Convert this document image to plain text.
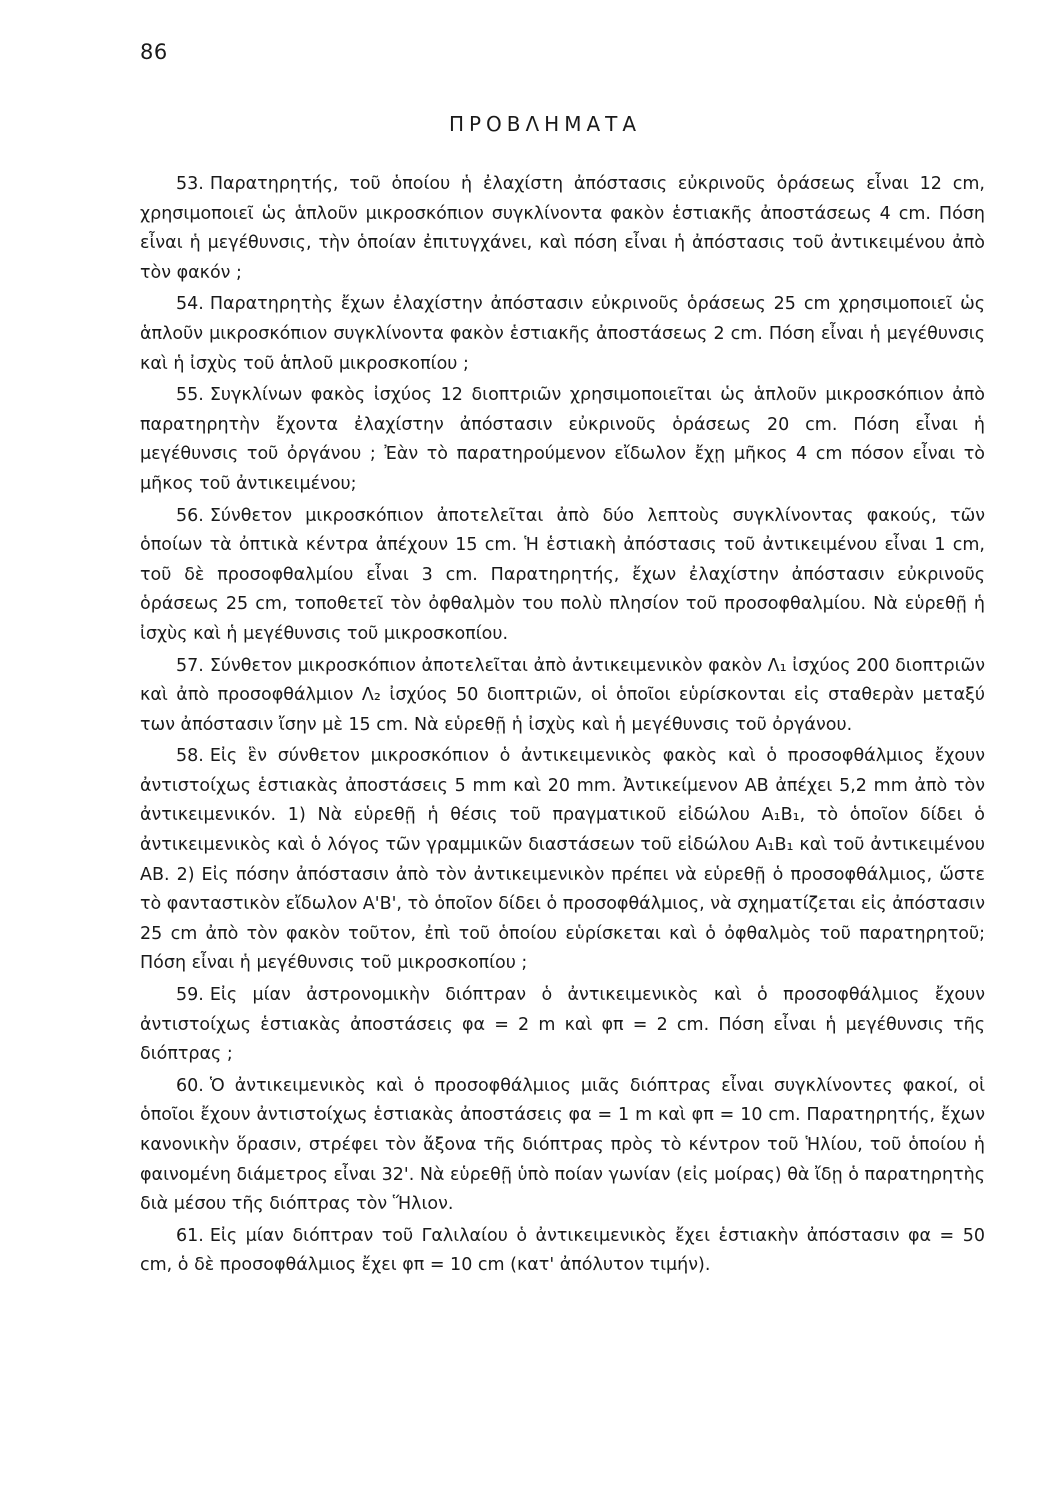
86
ΠΡΟΒΛΗΜΑΤΑ

53. Παρατηρητής, τοῦ ὁποίου ἡ ἐλαχίστη ἀπόστασις εὐκρινοῦς ὁράσεως εἶναι 12 cm, χρησιμοποιεῖ ὡς ἁπλοῦν μικροσκόπιον συγκλίνοντα φακὸν ἑστιακῆς ἀποστάσεως 4 cm. Πόση εἶναι ἡ μεγέθυνσις, τὴν ὁποίαν ἐπιτυγχάνει, καὶ πόση εἶναι ἡ ἀπόστασις τοῦ ἀντικειμένου ἀπὸ τὸν φακόν ;

54. Παρατηρητὴς ἔχων ἐλαχίστην ἀπόστασιν εὐκρινοῦς ὁράσεως 25 cm χρησιμοποιεῖ ὡς ἁπλοῦν μικροσκόπιον συγκλίνοντα φακὸν ἑστιακῆς ἀποστάσεως 2 cm. Πόση εἶναι ἡ μεγέθυνσις καὶ ἡ ἰσχὺς τοῦ ἁπλοῦ μικροσκοπίου ;

55. Συγκλίνων φακὸς ἰσχύος 12 διοπτριῶν χρησιμοποιεῖται ὡς ἁπλοῦν μικροσκόπιον ἀπὸ παρατηρητὴν ἔχοντα ἐλαχίστην ἀπόστασιν εὐκρινοῦς ὁράσεως 20 cm. Πόση εἶναι ἡ μεγέθυνσις τοῦ ὀργάνου ; Ἐὰν τὸ παρατηρούμενον εἴδωλον ἔχῃ μῆκος 4 cm πόσον εἶναι τὸ μῆκος τοῦ ἀντικειμένου;

56. Σύνθετον μικροσκόπιον ἀποτελεῖται ἀπὸ δύο λεπτοὺς συγκλίνοντας φακούς, τῶν ὁποίων τὰ ὀπτικὰ κέντρα ἀπέχουν 15 cm. Ἡ ἑστιακὴ ἀπόστασις τοῦ ἀντικειμένου εἶναι 1 cm, τοῦ δὲ προσοφθαλμίου εἶναι 3 cm. Παρατηρητής, ἔχων ἐλαχίστην ἀπόστασιν εὐκρινοῦς ὁράσεως 25 cm, τοποθετεῖ τὸν ὀφθαλμὸν του πολὺ πλησίον τοῦ προσοφθαλμίου. Νὰ εὑρεθῇ ἡ ἰσχὺς καὶ ἡ μεγέθυνσις τοῦ μικροσκοπίου.

57. Σύνθετον μικροσκόπιον ἀποτελεῖται ἀπὸ ἀντικειμενικὸν φακὸν Λ₁ ἰσχύος 200 διοπτριῶν καὶ ἀπὸ προσοφθάλμιον Λ₂ ἰσχύος 50 διοπτριῶν, οἱ ὁποῖοι εὑρίσκονται εἰς σταθερὰν μεταξύ των ἀπόστασιν ἴσην μὲ 15 cm. Νὰ εὑρεθῇ ἡ ἰσχὺς καὶ ἡ μεγέθυνσις τοῦ ὀργάνου.

58. Εἰς ἓν σύνθετον μικροσκόπιον ὁ ἀντικειμενικὸς φακὸς καὶ ὁ προσοφθάλμιος ἔχουν ἀντιστοίχως ἑστιακὰς ἀποστάσεις 5 mm καὶ 20 mm. Ἀντικείμενον ΑΒ ἀπέχει 5,2 mm ἀπὸ τὸν ἀντικειμενικόν. 1) Νὰ εὑρεθῇ ἡ θέσις τοῦ πραγματικοῦ εἰδώλου Α₁Β₁, τὸ ὁποῖον δίδει ὁ ἀντικειμενικὸς καὶ ὁ λόγος τῶν γραμμικῶν διαστάσεων τοῦ εἰδώλου Α₁Β₁ καὶ τοῦ ἀντικειμένου ΑΒ. 2) Εἰς πόσην ἀπόστασιν ἀπὸ τὸν ἀντικειμενικὸν πρέπει νὰ εὑρεθῇ ὁ προσοφθάλμιος, ὥστε τὸ φανταστικὸν εἴδωλον Α'Β', τὸ ὁποῖον δίδει ὁ προσοφθάλμιος, νὰ σχηματίζεται εἰς ἀπόστασιν 25 cm ἀπὸ τὸν φακὸν τοῦτον, ἐπὶ τοῦ ὁποίου εὑρίσκεται καὶ ὁ ὀφθαλμὸς τοῦ παρατηρητοῦ; Πόση εἶναι ἡ μεγέθυνσις τοῦ μικροσκοπίου ;

59. Εἰς μίαν ἀστρονομικὴν διόπτραν ὁ ἀντικειμενικὸς καὶ ὁ προσοφθάλμιος ἔχουν ἀντιστοίχως ἑστιακὰς ἀποστάσεις φα = 2 m καὶ φπ = 2 cm. Πόση εἶναι ἡ μεγέθυνσις τῆς διόπτρας ;

60. Ὁ ἀντικειμενικὸς καὶ ὁ προσοφθάλμιος μιᾶς διόπτρας εἶναι συγκλίνοντες φακοί, οἱ ὁποῖοι ἔχουν ἀντιστοίχως ἑστιακὰς ἀποστάσεις φα = 1 m καὶ φπ = 10 cm. Παρατηρητής, ἔχων κανονικὴν ὅρασιν, στρέφει τὸν ἄξονα τῆς διόπτρας πρὸς τὸ κέντρον τοῦ Ἡλίου, τοῦ ὁποίου ἡ φαινομένη διάμετρος εἶναι 32'. Νὰ εὑρεθῇ ὑπὸ ποίαν γωνίαν (εἰς μοίρας) θὰ ἴδῃ ὁ παρατηρητὴς διὰ μέσου τῆς διόπτρας τὸν Ἥλιον.

61. Εἰς μίαν διόπτραν τοῦ Γαλιλαίου ὁ ἀντικειμενικὸς ἔχει ἑστιακὴν ἀπόστασιν φα = 50 cm, ὁ δὲ προσοφθάλμιος ἔχει φπ = 10 cm (κατ' ἀπόλυτον τιμήν).
